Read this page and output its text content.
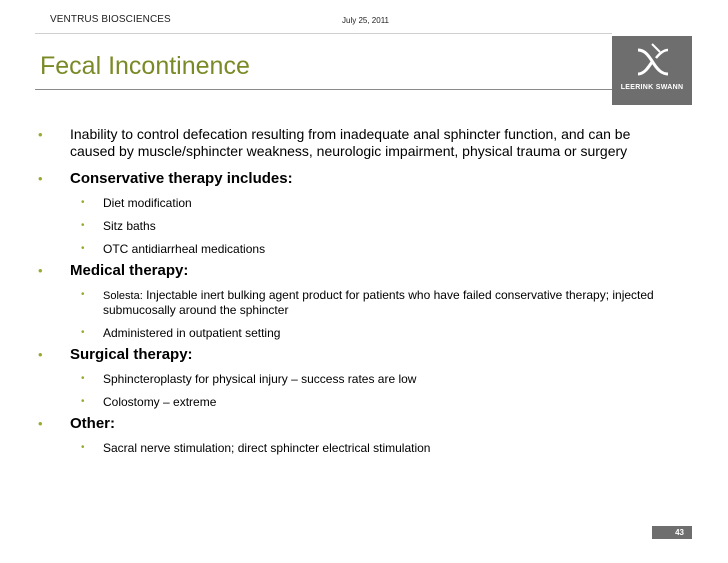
VENTRUS BIOSCIENCES	July 25, 2011
Fecal Incontinence
LEERINK SWANN
• Inability to control defecation resulting from inadequate anal sphincter function, and can be caused by muscle/sphincter weakness, neurologic impairment, physical trauma or surgery
• Conservative therapy includes:
• Diet modification
• Sitz baths
• OTC antidiarrheal medications
• Medical therapy:
• Solesta: Injectable inert bulking agent product for patients who have failed conservative therapy; injected submucosally around the sphincter
• Administered in outpatient setting
• Surgical therapy:
• Sphincteroplasty for physical injury – success rates are low
• Colostomy – extreme
• Other:
• Sacral nerve stimulation; direct sphincter electrical stimulation
43
